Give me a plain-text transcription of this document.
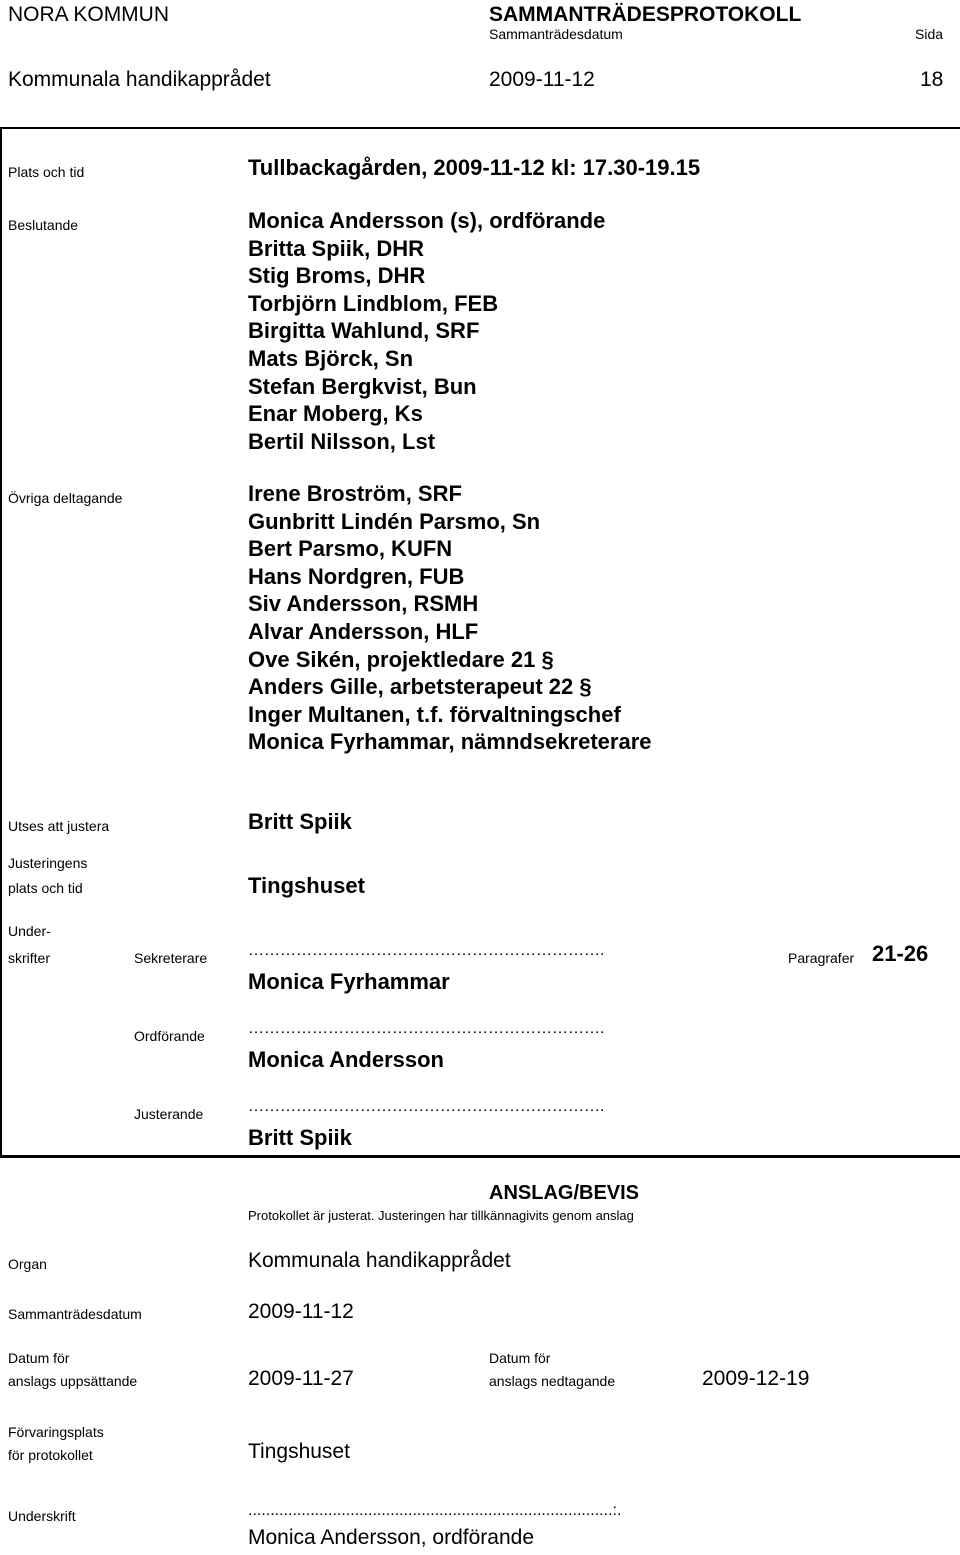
NORA KOMMUN	SAMMANTRÄDESPROTOKOLL
Sammanträdesdatum	Sida
Kommunala handikapprådet	2009-11-12	18
Plats och tid	Tullbackagården, 2009-11-12 kl: 17.30-19.15
Beslutande	Monica Andersson (s), ordförande
Britta Spiik, DHR
Stig Broms, DHR
Torbjörn Lindblom, FEB
Birgitta Wahlund, SRF
Mats Björck, Sn
Stefan Bergkvist, Bun
Enar Moberg, Ks
Bertil Nilsson, Lst
Övriga deltagande	Irene Broström, SRF
Gunbritt Lindén Parsmo, Sn
Bert Parsmo, KUFN
Hans Nordgren, FUB
Siv Andersson, RSMH
Alvar Andersson, HLF
Ove Sikén, projektledare 21 §
Anders Gille, arbetsterapeut 22 §
Inger Multanen, t.f. förvaltningschef
Monica Fyrhammar, nämndsekreterare
Utses att justera	Britt Spiik
Justeringens
plats och tid	Tingshuset
Under-
skrifter	Sekreterare	………………………………………………………….
Monica Fyrhammar
Paragrafer 21-26
Ordförande	………………………………………………………….
Monica Andersson
Justerande	………………………………………………………….
Britt Spiik
ANSLAG/BEVIS
Protokollet är justerat. Justeringen har tillkännagivits genom anslag
Organ	Kommunala handikapprådet
Sammanträdesdatum	2009-11-12
Datum för
anslags uppsättande	2009-11-27
Datum för
anslags nedtagande	2009-12-19
Förvaringsplats
för protokollet	Tingshuset
Underskrift	..................................................................................:.
Monica Andersson, ordförande
